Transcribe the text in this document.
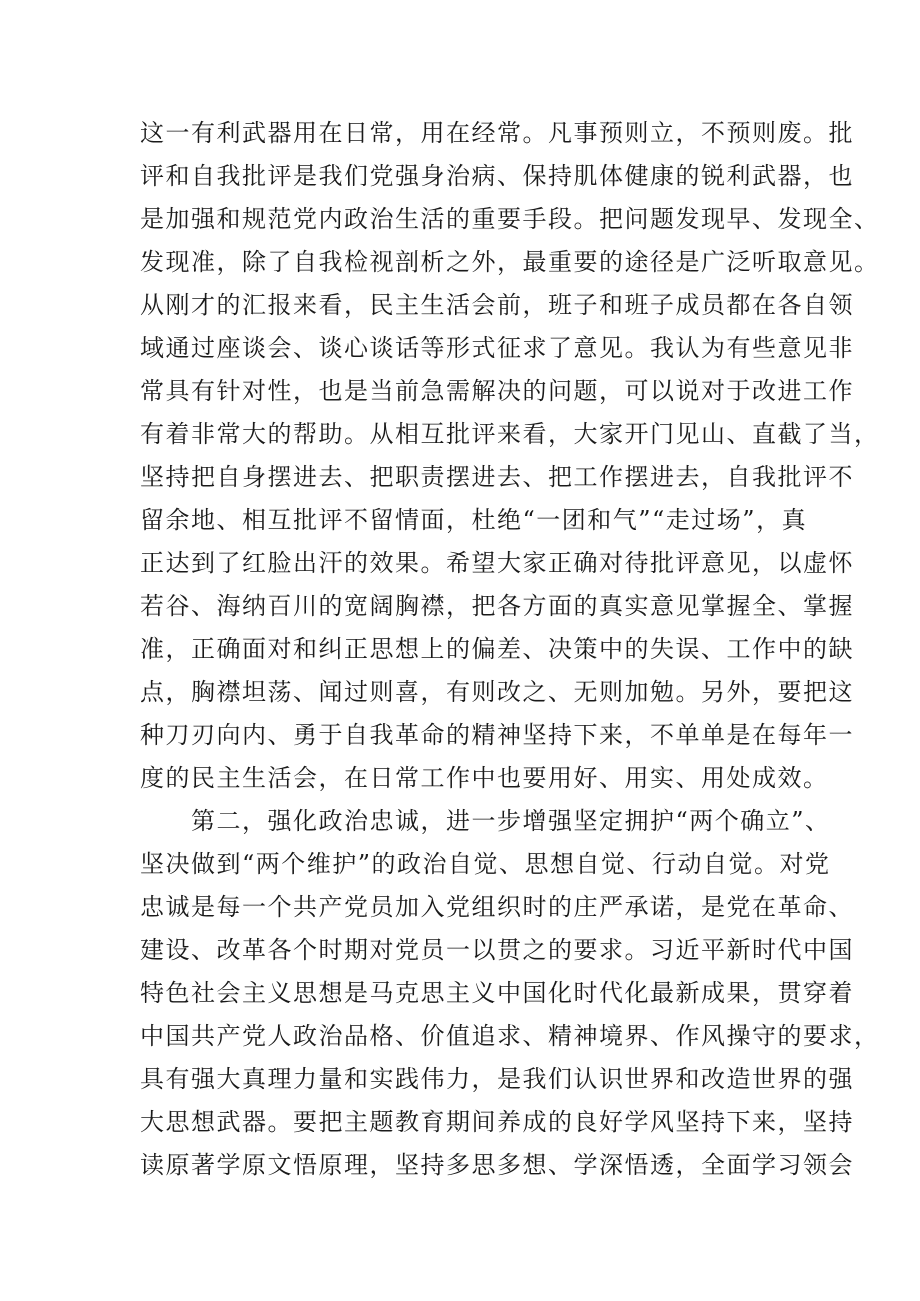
这一有利武器用在日常，用在经常。凡事预则立，不预则废。批
评和自我批评是我们党强身治病、保持肌体健康的锐利武器，也
是加强和规范党内政治生活的重要手段。把问题发现早、发现全、
发现准，除了自我检视剖析之外，最重要的途径是广泛听取意见。
从刚才的汇报来看，民主生活会前，班子和班子成员都在各自领
域通过座谈会、谈心谈话等形式征求了意见。我认为有些意见非
常具有针对性，也是当前急需解决的问题，可以说对于改进工作
有着非常大的帮助。从相互批评来看，大家开门见山、直截了当，
坚持把自身摆进去、把职责摆进去、把工作摆进去，自我批评不
留余地、相互批评不留情面，杜绝“一团和气”“走过场”，真
正达到了红脸出汗的效果。希望大家正确对待批评意见，以虚怀
若谷、海纳百川的宽阔胸襟，把各方面的真实意见掌握全、掌握
准，正确面对和纠正思想上的偏差、决策中的失误、工作中的缺
点，胸襟坦荡、闻过则喜，有则改之、无则加勉。另外，要把这
种刀刃向内、勇于自我革命的精神坚持下来，不单单是在每年一
度的民主生活会，在日常工作中也要用好、用实、用处成效。

　　第二，强化政治忠诚，进一步增强坚定拥护“两个确立”、
坚决做到“两个维护”的政治自觉、思想自觉、行动自觉。对党
忠诚是每一个共产党员加入党组织时的庄严承诺，是党在革命、
建设、改革各个时期对党员一以贯之的要求。习近平新时代中国
特色社会主义思想是马克思主义中国化时代化最新成果，贯穿着
中国共产党人政治品格、价值追求、精神境界、作风操守的要求，
具有强大真理力量和实践伟力，是我们认识世界和改造世界的强
大思想武器。要把主题教育期间养成的良好学风坚持下来，坚持
读原著学原文悟原理，坚持多思多想、学深悟透，全面学习领会
